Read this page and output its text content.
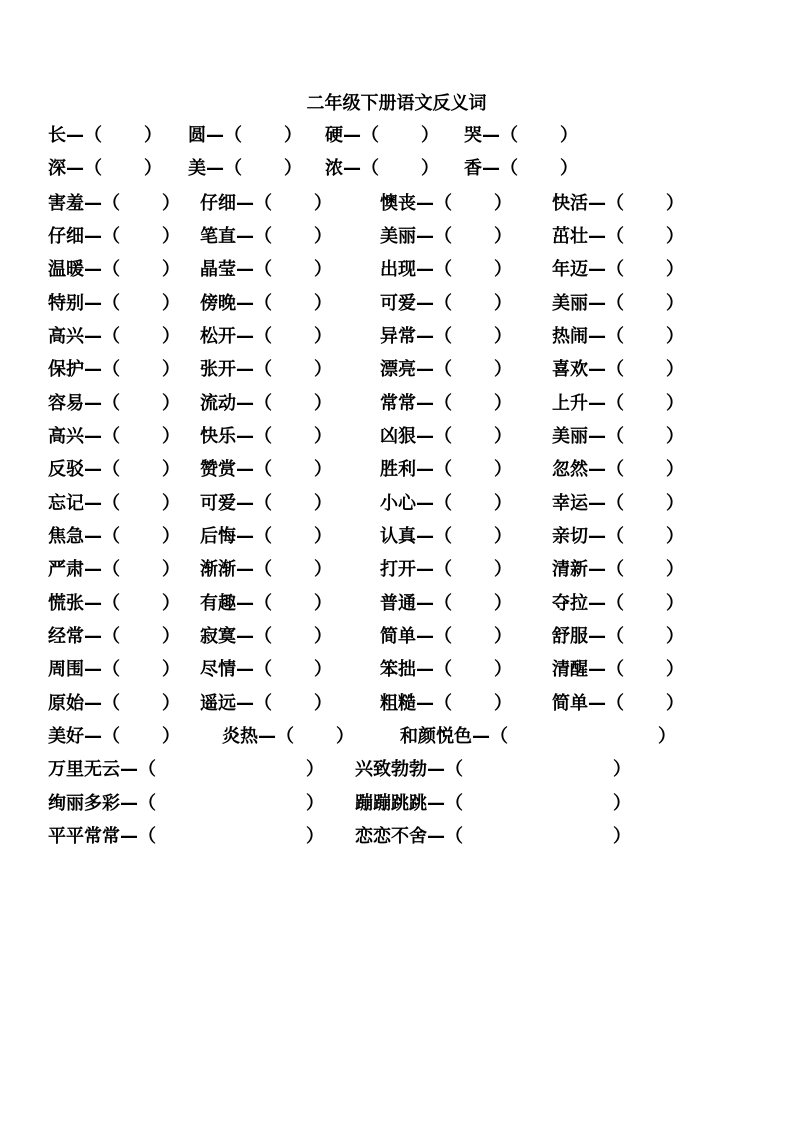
二年级下册语文反义词
长—（ ） 圆—（ ） 硬—（ ） 哭—（ ）
深—（ ） 美—（ ） 浓—（ ） 香—（ ）
害羞—（ ） 仔细—（ ）	懊丧—（ ） 快活—（ ）
仔细—（ ） 笔直—（ ）	美丽—（ ） 茁壮—（ ）
温暖—（ ） 晶莹—（ ）	出现—（ ） 年迈—（ ）
特别—（ ） 傍晚—（ ）	可爱—（ ） 美丽—（ ）
高兴—（ ） 松开—（ ）	异常—（ ） 热闹—（ ）
保护—（ ） 张开—（ ）	漂亮—（ ） 喜欢—（ ）
容易—（ ） 流动—（ ）	常常—（ ） 上升—（ ）
高兴—（ ） 快乐—（ ）	凶狠—（ ） 美丽—（ ）
反驳—（ ） 赞赏—（ ）	胜利—（ ） 忽然—（ ）
忘记—（ ） 可爱—（ ）	小心—（ ） 幸运—（ ）
焦急—（ ） 后悔—（ ）	认真—（ ） 亲切—（ ）
严肃—（ ） 渐渐—（ ）	打开—（ ） 清新—（ ）
慌张—（ ） 有趣—（ ）	普通—（ ） 夺拉—（ ）
经常—（ ） 寂寞—（ ）	简单—（ ） 舒服—（ ）
周围—（ ） 尽情—（ ）	笨拙—（ ） 清醒—（ ）
原始—（ ） 遥远—（ ）	粗糙—（ ） 简单—（ ）
美好—（ ） 炎热—（ ）	和颜悦色—（	）
万里无云—（	） 兴致勃勃—（	）
绚丽多彩—（	） 蹦蹦跳跳—（	）
平平常常—（	） 恋恋不舍—（	）
